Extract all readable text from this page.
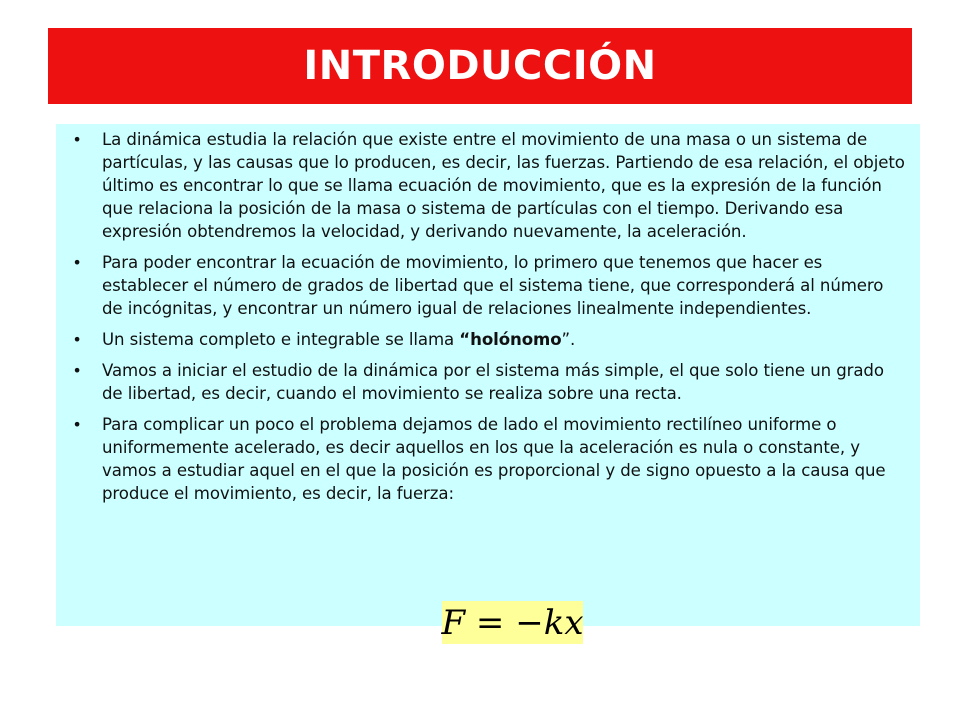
INTRODUCCIÓN
• La dinámica estudia la relación que existe entre el movimiento de una masa o un sistema de partículas, y las causas que lo producen, es decir, las fuerzas. Partiendo de esa relación, el objeto último es encontrar lo que se llama ecuación de movimiento, que es la expresión de la función que relaciona la posición de la masa o sistema de partículas con el tiempo. Derivando esa expresión obtendremos la velocidad, y derivando nuevamente, la aceleración.
• Para poder encontrar la ecuación de movimiento, lo primero que tenemos que hacer es establecer el número de grados de libertad que el sistema tiene, que corresponderá al número de incógnitas, y encontrar un número igual de relaciones linealmente independientes.
• Un sistema completo e integrable se llama “holónomo”.
• Vamos a iniciar el estudio de la dinámica por el sistema más simple, el que solo tiene un grado de libertad, es decir, cuando el movimiento se realiza sobre una recta.
• Para complicar un poco el problema dejamos de lado el movimiento rectilíneo uniforme o uniformemente acelerado, es decir aquellos en los que la aceleración es nula o constante, y vamos a estudiar aquel en el que la posición es proporcional y de signo opuesto a la causa que produce el movimiento, es decir, la fuerza:
F = − k x
